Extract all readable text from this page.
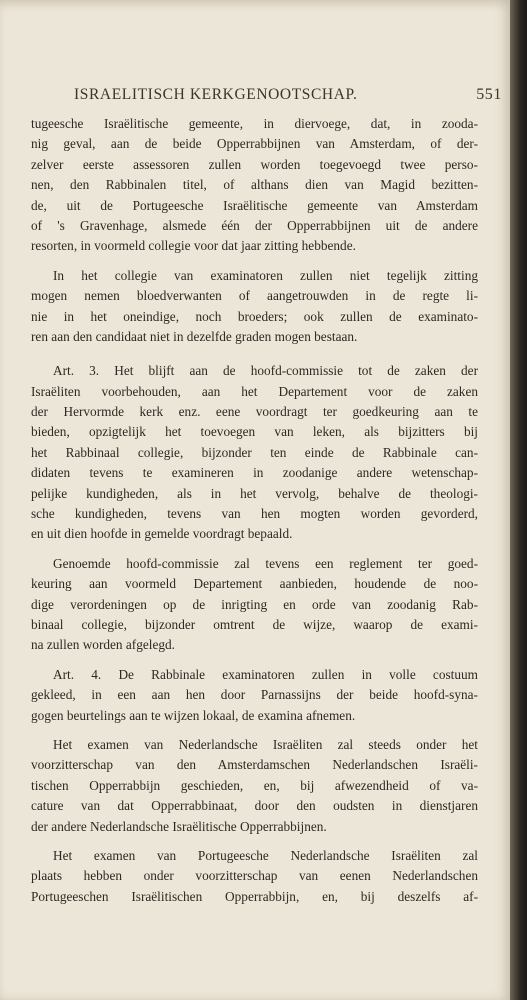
ISRAELITISCH KERKGENOOTSCHAP.	551
tugeesche Israëlitische gemeente, in diervoege, dat, in zooda-
nig geval, aan de beide Opperrabbijnen van Amsterdam, of der-
zelver eerste assessoren zullen worden toegevoegd twee perso-
nen, den Rabbinalen titel, of althans dien van Magid bezitten-
de, uit de Portugeesche Israëlitische gemeente van Amsterdam
of 's Gravenhage, alsmede één der Opperrabbijnen uit de andere
resorten, in voormeld collegie voor dat jaar zitting hebbende.
In het collegie van examinatoren zullen niet tegelijk zitting
mogen nemen bloedverwanten of aangetrouwden in de regte li-
nie in het oneindige, noch broeders; ook zullen de examinato-
ren aan den candidaat niet in dezelfde graden mogen bestaan.
Art. 3. Het blijft aan de hoofd-commissie tot de zaken der
Israëliten voorbehouden, aan het Departement voor de zaken
der Hervormde kerk enz. eene voordragt ter goedkeuring aan te
bieden, opzigtelijk het toevoegen van leken, als bijzitters bij
het Rabbinaal collegie, bijzonder ten einde de Rabbinale can-
didaten tevens te examineren in zoodanige andere wetenschap-
pelijke kundigheden, als in het vervolg, behalve de theologi-
sche kundigheden, tevens van hen mogten worden gevorderd,
en uit dien hoofde in gemelde voordragt bepaald.
Genoemde hoofd-commissie zal tevens een reglement ter goed-
keuring aan voormeld Departement aanbieden, houdende de noo-
dige verordeningen op de inrigting en orde van zoodanig Rab-
binaal collegie, bijzonder omtrent de wijze, waarop de exami-
na zullen worden afgelegd.
Art. 4. De Rabbinale examinatoren zullen in volle costuum
gekleed, in een aan hen door Parnassijns der beide hoofd-syna-
gogen beurtelings aan te wijzen lokaal, de examina afnemen.
Het examen van Nederlandsche Israëliten zal steeds onder het
voorzitterschap van den Amsterdamschen Nederlandschen Israëli-
tischen Opperrabbijn geschieden, en, bij afwezendheid of va-
cature van dat Opperrabbinaat, door den oudsten in dienstjaren
der andere Nederlandsche Israëlitische Opperrabbijnen.
Het examen van Portugeesche Nederlandsche Israëliten zal
plaats hebben onder voorzitterschap van eenen Nederlandschen
Portugeeschen Israëlitischen Opperrabbijn, en, bij deszelfs af-
